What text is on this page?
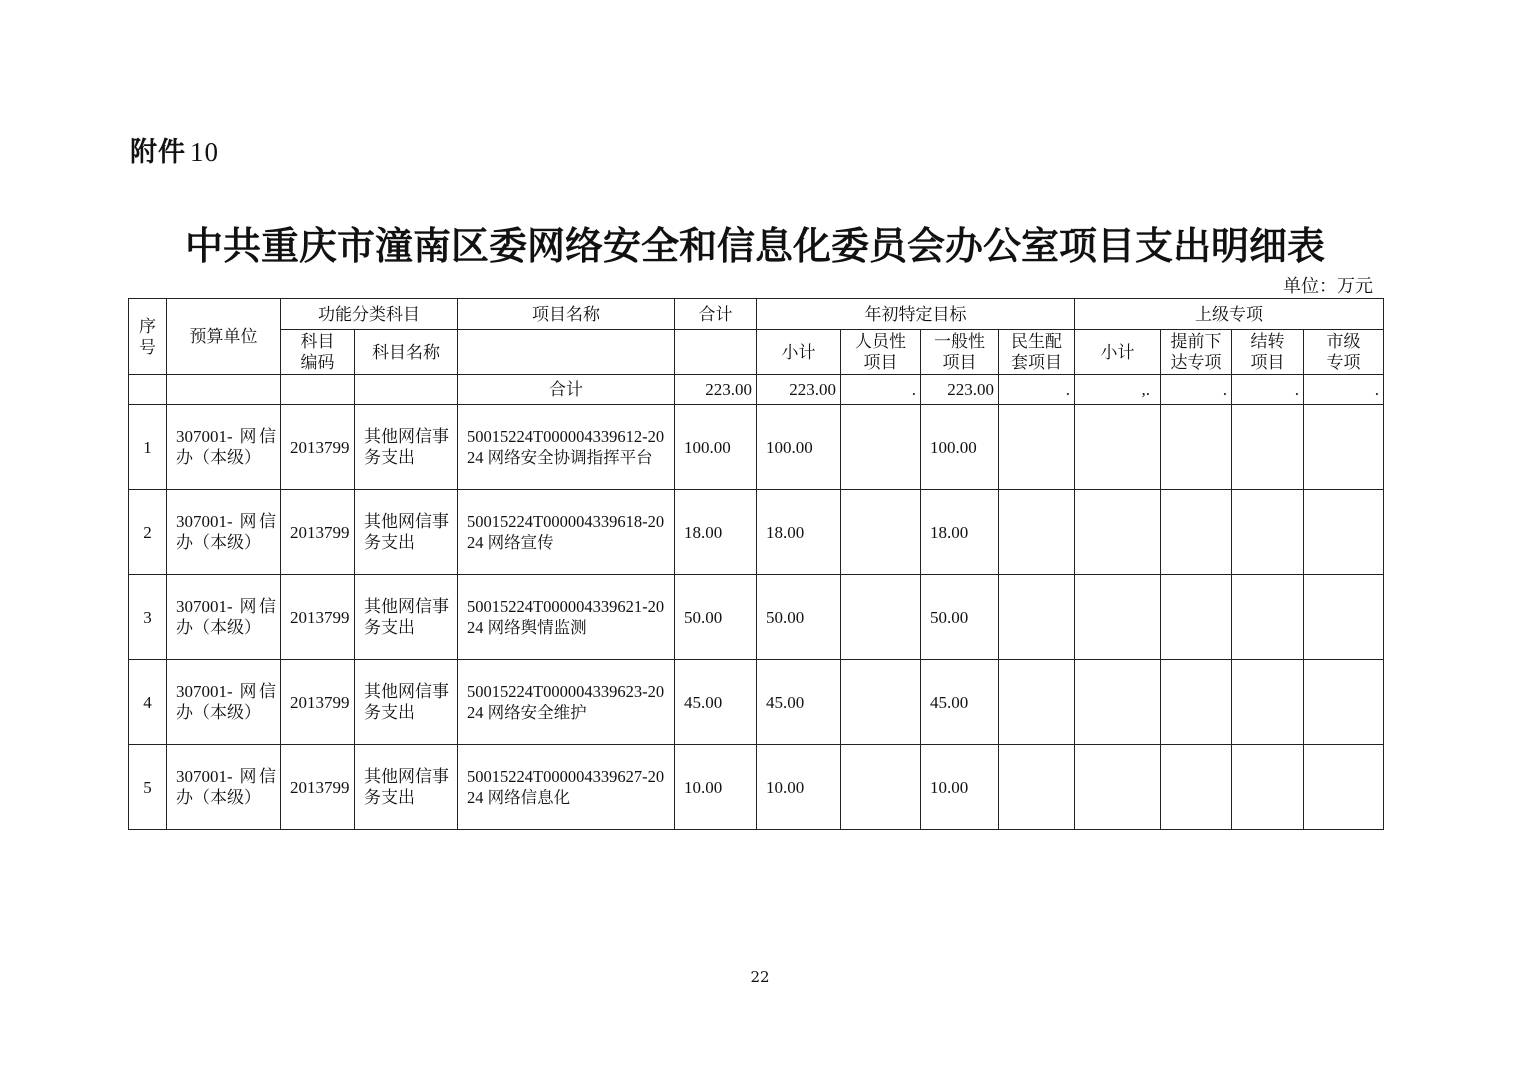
附件 10
中共重庆市潼南区委网络安全和信息化委员会办公室项目支出明细表
单位：万元
序号	预算单位	功能分类科目		项目名称	合计	年初特定目标				上级专项			
		科目编码	科目名称			小计	人员性项目	一般性项目	民生配套项目	小计	提前下达专项	结转项目	市级专项
				合计	223.00	223.00	.	223.00	.	,.	.	.	.
1	307001- 网信办（本级）	2013799	其他网信事务支出	50015224T000004339612-2024 网络安全协调指挥平台	100.00	100.00		100.00					
2	307001- 网信办（本级）	2013799	其他网信事务支出	50015224T000004339618-2024 网络宣传	18.00	18.00		18.00					
3	307001- 网信办（本级）	2013799	其他网信事务支出	50015224T000004339621-2024 网络舆情监测	50.00	50.00		50.00					
4	307001- 网信办（本级）	2013799	其他网信事务支出	50015224T000004339623-2024 网络安全维护	45.00	45.00		45.00					
5	307001- 网信办（本级）	2013799	其他网信事务支出	50015224T000004339627-2024 网络信息化	10.00	10.00		10.00					
22
